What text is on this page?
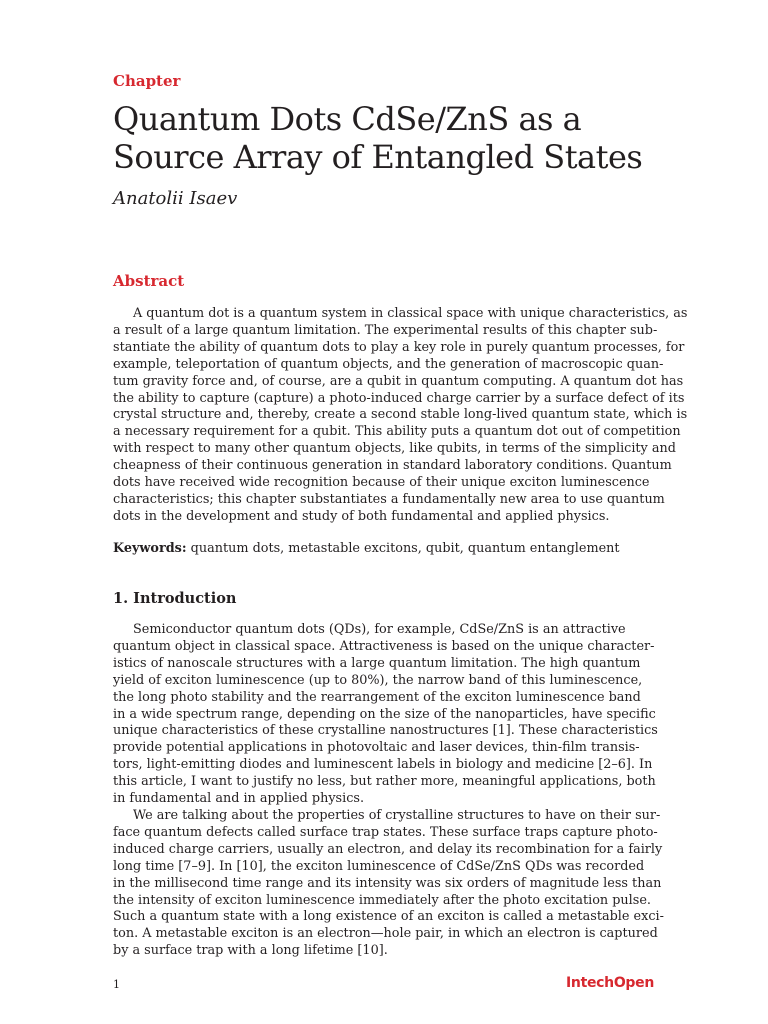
Chapter
Quantum Dots CdSe/ZnS as a Source Array of Entangled States
Anatolii Isaev
Abstract
A quantum dot is a quantum system in classical space with unique characteristics, as
a result of a large quantum limitation. The experimental results of this chapter sub-
stantiate the ability of quantum dots to play a key role in purely quantum processes, for
example, teleportation of quantum objects, and the generation of macroscopic quan-
tum gravity force and, of course, are a qubit in quantum computing. A quantum dot has
the ability to capture (capture) a photo-induced charge carrier by a surface defect of its
crystal structure and, thereby, create a second stable long-lived quantum state, which is
a necessary requirement for a qubit. This ability puts a quantum dot out of competition
with respect to many other quantum objects, like qubits, in terms of the simplicity and
cheapness of their continuous generation in standard laboratory conditions. Quantum
dots have received wide recognition because of their unique exciton luminescence
characteristics; this chapter substantiates a fundamentally new area to use quantum
dots in the development and study of both fundamental and applied physics.
Keywords: quantum dots, metastable excitons, qubit, quantum entanglement
1. Introduction
Semiconductor quantum dots (QDs), for example, CdSe/ZnS is an attractive
quantum object in classical space. Attractiveness is based on the unique character-
istics of nanoscale structures with a large quantum limitation. The high quantum
yield of exciton luminescence (up to 80%), the narrow band of this luminescence,
the long photo stability and the rearrangement of the exciton luminescence band
in a wide spectrum range, depending on the size of the nanoparticles, have specific
unique characteristics of these crystalline nanostructures [1]. These characteristics
provide potential applications in photovoltaic and laser devices, thin-film transis-
tors, light-emitting diodes and luminescent labels in biology and medicine [2–6]. In
this article, I want to justify no less, but rather more, meaningful applications, both
in fundamental and in applied physics.
We are talking about the properties of crystalline structures to have on their sur-
face quantum defects called surface trap states. These surface traps capture photo-
induced charge carriers, usually an electron, and delay its recombination for a fairly
long time [7–9]. In [10], the exciton luminescence of CdSe/ZnS QDs was recorded
in the millisecond time range and its intensity was six orders of magnitude less than
the intensity of exciton luminescence immediately after the photo excitation pulse.
Such a quantum state with a long existence of an exciton is called a metastable exci-
ton. A metastable exciton is an electron—hole pair, in which an electron is captured
by a surface trap with a long lifetime [10].
1	IntechOpen
